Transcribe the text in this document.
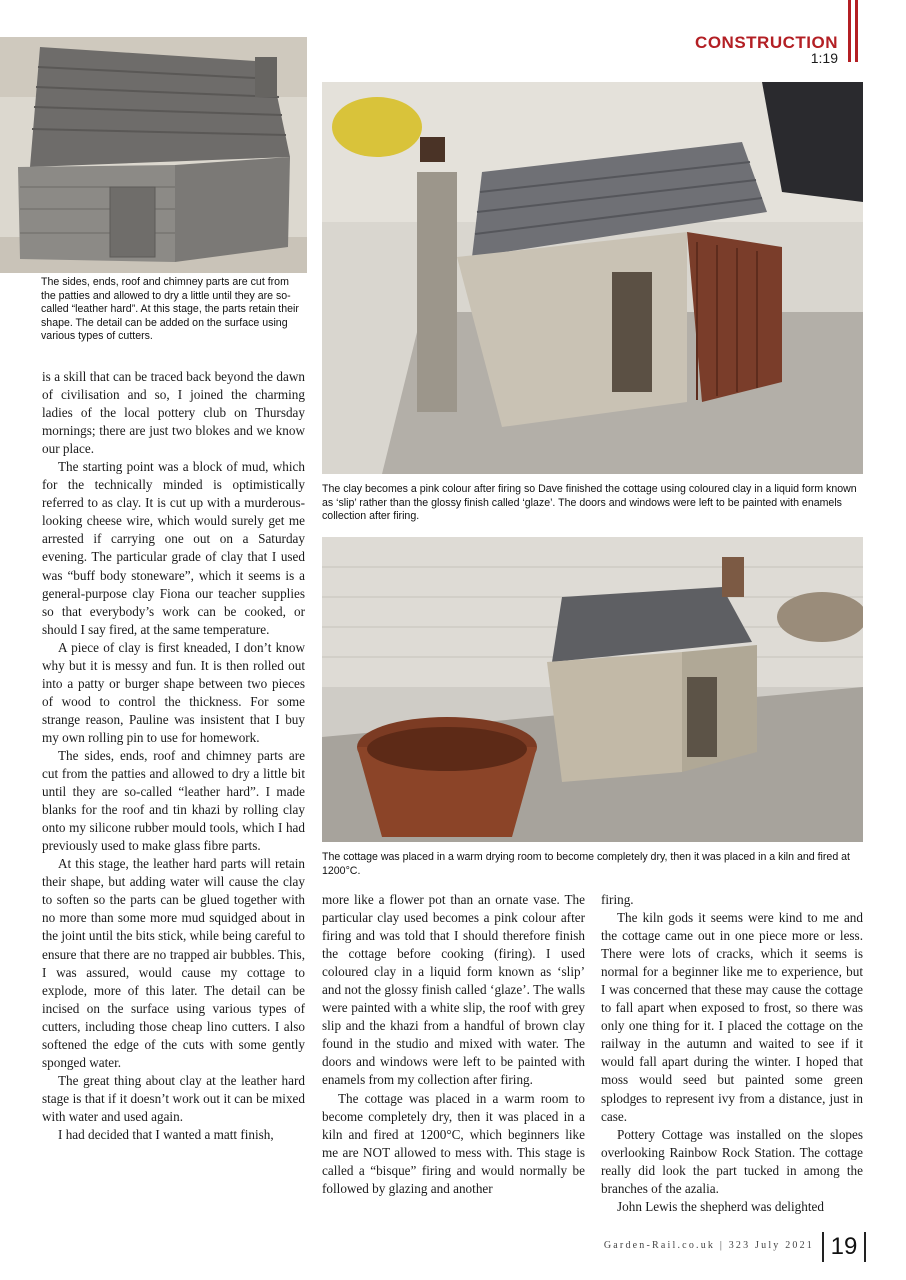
CONSTRUCTION
1:19
The sides, ends, roof and chimney parts are cut from the patties and allowed to dry a little until they are so-called “leather hard”. At this stage, the parts retain their shape. The detail can be added on the surface using various types of cutters.
The clay becomes a pink colour after firing so Dave finished the cottage using coloured clay in a liquid form known as ‘slip’ rather than the glossy finish called ‘glaze’. The doors and windows were left to be painted with enamels collection after firing.
The cottage was placed in a warm drying room to become completely dry, then it was placed in a kiln and fired at 1200°C.

is a skill that can be traced back beyond the dawn of civilisation and so, I joined the charming ladies of the local pottery club on Thursday mornings; there are just two blokes and we know our place.

The starting point was a block of mud, which for the technically minded is optimistically referred to as clay. It is cut up with a murderous-looking cheese wire, which would surely get me arrested if carrying one out on a Saturday evening. The particular grade of clay that I used was “buff body stoneware”, which it seems is a general-purpose clay Fiona our teacher supplies so that everybody’s work can be cooked, or should I say fired, at the same temperature.

A piece of clay is first kneaded, I don’t know why but it is messy and fun. It is then rolled out into a patty or burger shape between two pieces of wood to control the thickness. For some strange reason, Pauline was insistent that I buy my own rolling pin to use for homework.

The sides, ends, roof and chimney parts are cut from the patties and allowed to dry a little bit until they are so-called “leather hard”. I made blanks for the roof and tin khazi by rolling clay onto my silicone rubber mould tools, which I had previously used to make glass fibre parts.

At this stage, the leather hard parts will retain their shape, but adding water will cause the clay to soften so the parts can be glued together with no more than some more mud squidged about in the joint until the bits stick, while being careful to ensure that there are no trapped air bubbles. This, I was assured, would cause my cottage to explode, more of this later. The detail can be incised on the surface using various types of cutters, including those cheap lino cutters. I also softened the edge of the cuts with some gently sponged water.

The great thing about clay at the leather hard stage is that if it doesn’t work out it can be mixed with water and used again.

I had decided that I wanted a matt finish,

more like a flower pot than an ornate vase. The particular clay used becomes a pink colour after firing and was told that I should therefore finish the cottage before cooking (firing). I used coloured clay in a liquid form known as ‘slip’ and not the glossy finish called ‘glaze’. The walls were painted with a white slip, the roof with grey slip and the khazi from a handful of brown clay found in the studio and mixed with water. The doors and windows were left to be painted with enamels from my collection after firing.

The cottage was placed in a warm room to become completely dry, then it was placed in a kiln and fired at 1200°C, which beginners like me are NOT allowed to mess with. This stage is called a “bisque” firing and would normally be followed by glazing and another

firing.

The kiln gods it seems were kind to me and the cottage came out in one piece more or less. There were lots of cracks, which it seems is normal for a beginner like me to experience, but I was concerned that these may cause the cottage to fall apart when exposed to frost, so there was only one thing for it. I placed the cottage on the railway in the autumn and waited to see if it would fall apart during the winter. I hoped that moss would seed but painted some green splodges to represent ivy from a distance, just in case.

Pottery Cottage was installed on the slopes overlooking Rainbow Rock Station. The cottage really did look the part tucked in among the branches of the azalia.

John Lewis the shepherd was delighted

Garden-Rail.co.uk | 323 July 2021 19
